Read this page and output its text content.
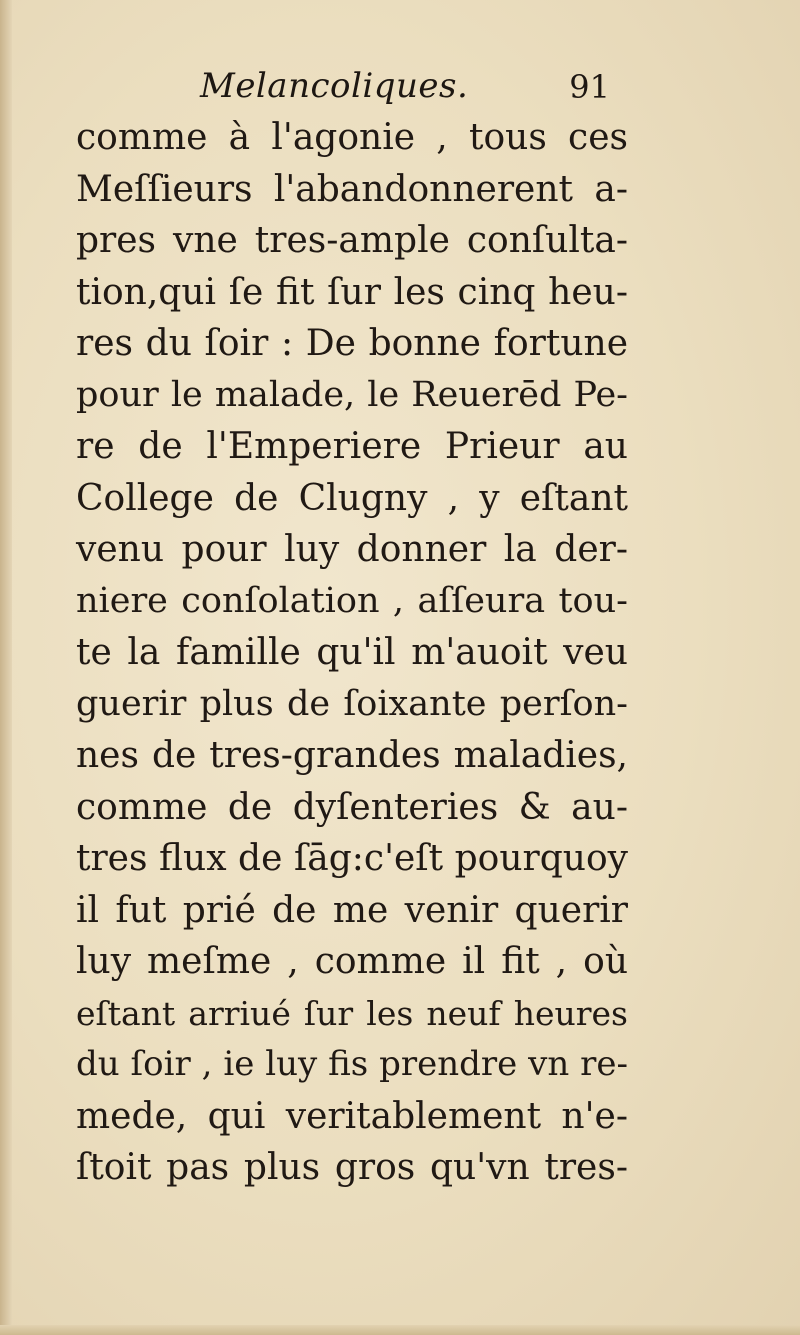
Melancoliques.	91
comme à l'agonie , tous ces
Meſſieurs l'abandonnerent a-
pres vne tres-ample conſulta-
tion,qui ſe fit ſur les cinq heu-
res du ſoir : De bonne fortune
pour le malade, le Reuerēd Pe-
re de l'Emperiere Prieur au
College de Clugny , y eſtant
venu pour luy donner la der-
niere conſolation , aſſeura tou-
te la famille qu'il m'auoit veu
guerir plus de ſoixante perſon-
nes de tres-grandes maladies,
comme de dyſenteries & au-
tres flux de ſāg:c'eſt pourquoy
il fut prié de me venir querir
luy meſme , comme il fit , où
eſtant arriué ſur les neuf heures
du ſoir , ie luy fis prendre vn re-
mede, qui veritablement n'e-
ſtoit pas plus gros qu'vn tres-
